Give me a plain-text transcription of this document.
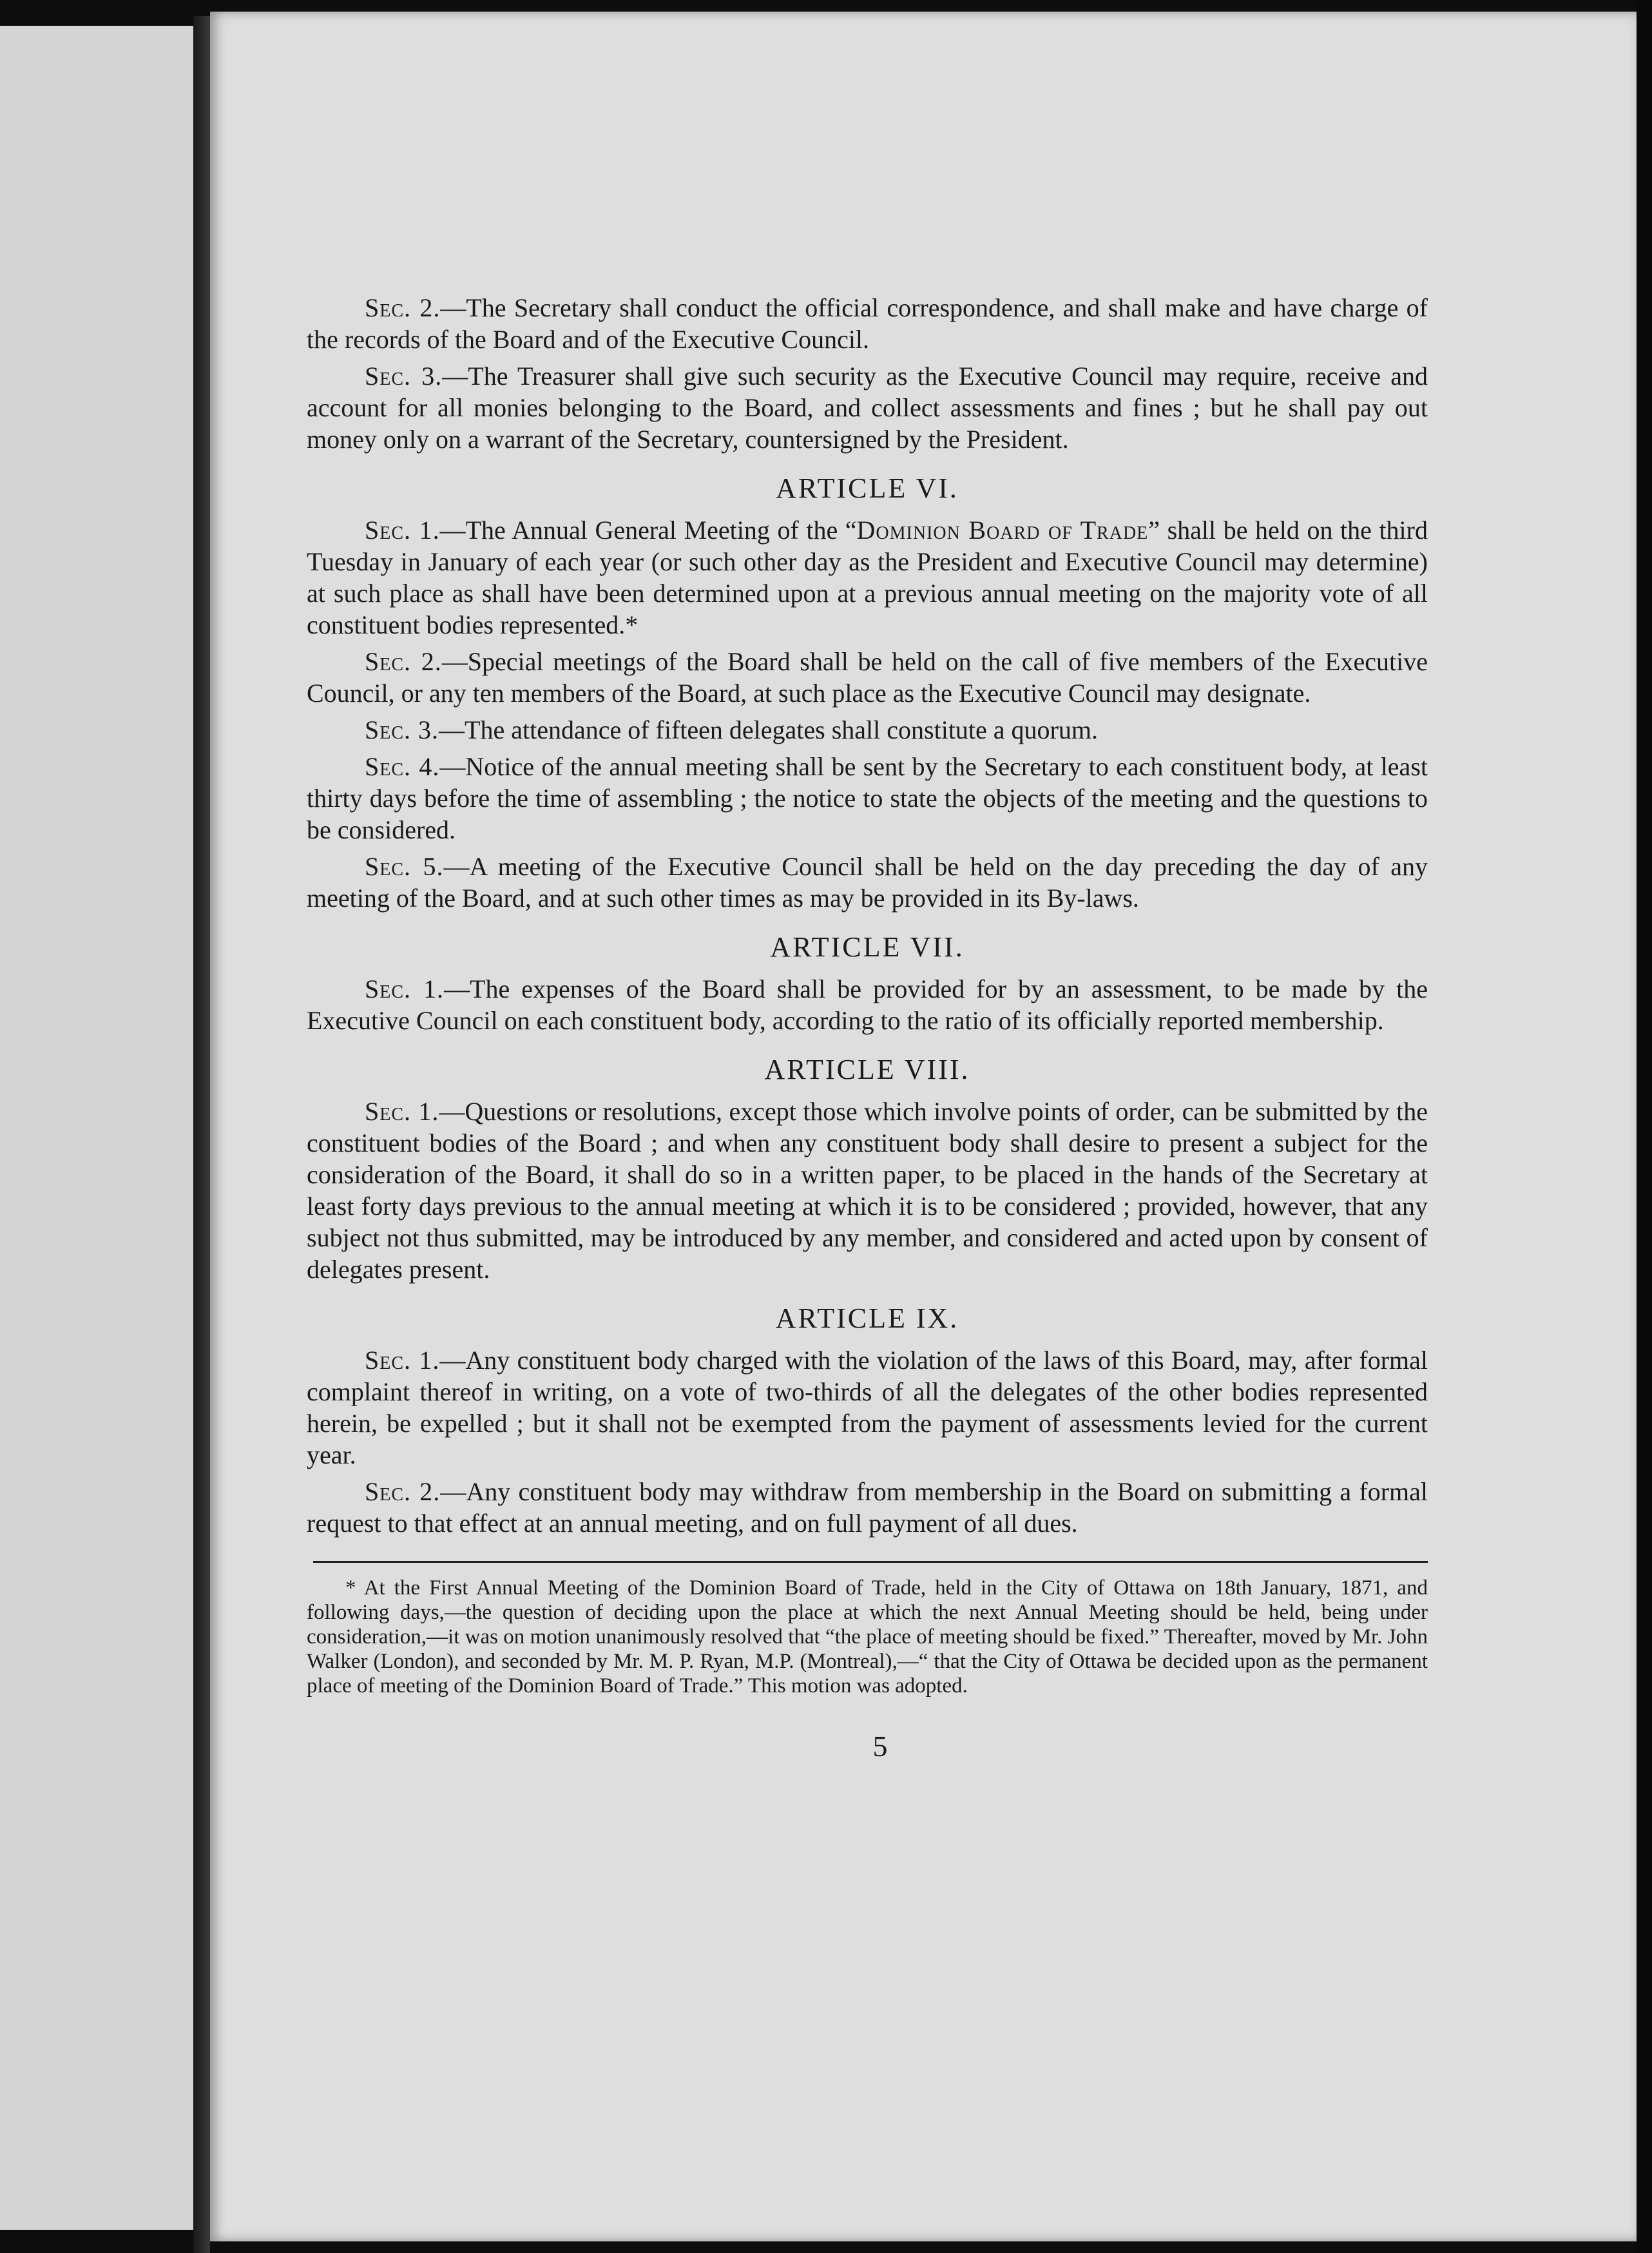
Sec. 2.—The Secretary shall conduct the official correspondence, and shall make and have charge of the records of the Board and of the Executive Council.

Sec. 3.—The Treasurer shall give such security as the Executive Council may require, receive and account for all monies belonging to the Board, and collect assessments and fines ; but he shall pay out money only on a warrant of the Secretary, countersigned by the President.

ARTICLE VI.

Sec. 1.—The Annual General Meeting of the “Dominion Board of Trade” shall be held on the third Tuesday in January of each year (or such other day as the President and Executive Council may determine) at such place as shall have been determined upon at a previous annual meeting on the majority vote of all constituent bodies represented.*

Sec. 2.—Special meetings of the Board shall be held on the call of five members of the Executive Council, or any ten members of the Board, at such place as the Executive Council may designate.

Sec. 3.—The attendance of fifteen delegates shall constitute a quorum.

Sec. 4.—Notice of the annual meeting shall be sent by the Secretary to each constituent body, at least thirty days before the time of assembling ; the notice to state the objects of the meeting and the questions to be considered.

Sec. 5.—A meeting of the Executive Council shall be held on the day preceding the day of any meeting of the Board, and at such other times as may be provided in its By-laws.

ARTICLE VII.

Sec. 1.—The expenses of the Board shall be provided for by an assessment, to be made by the Executive Council on each constituent body, according to the ratio of its officially reported membership.

ARTICLE VIII.

Sec. 1.—Questions or resolutions, except those which involve points of order, can be submitted by the constituent bodies of the Board ; and when any constituent body shall desire to present a subject for the consideration of the Board, it shall do so in a written paper, to be placed in the hands of the Secretary at least forty days previous to the annual meeting at which it is to be considered ; provided, however, that any subject not thus submitted, may be introduced by any member, and considered and acted upon by consent of delegates present.

ARTICLE IX.

Sec. 1.—Any constituent body charged with the violation of the laws of this Board, may, after formal complaint thereof in writing, on a vote of two-thirds of all the delegates of the other bodies represented herein, be expelled ; but it shall not be exempted from the payment of assessments levied for the current year.

Sec. 2.—Any constituent body may withdraw from membership in the Board on submitting a formal request to that effect at an annual meeting, and on full payment of all dues.

* At the First Annual Meeting of the Dominion Board of Trade, held in the City of Ottawa on 18th January, 1871, and following days,—the question of deciding upon the place at which the next Annual Meeting should be held, being under consideration,—it was on motion unanimously resolved that “the place of meeting should be fixed.” Thereafter, moved by Mr. John Walker (London), and seconded by Mr. M. P. Ryan, M.P. (Montreal),—“ that the City of Ottawa be decided upon as the permanent place of meeting of the Dominion Board of Trade.” This motion was adopted.

5
